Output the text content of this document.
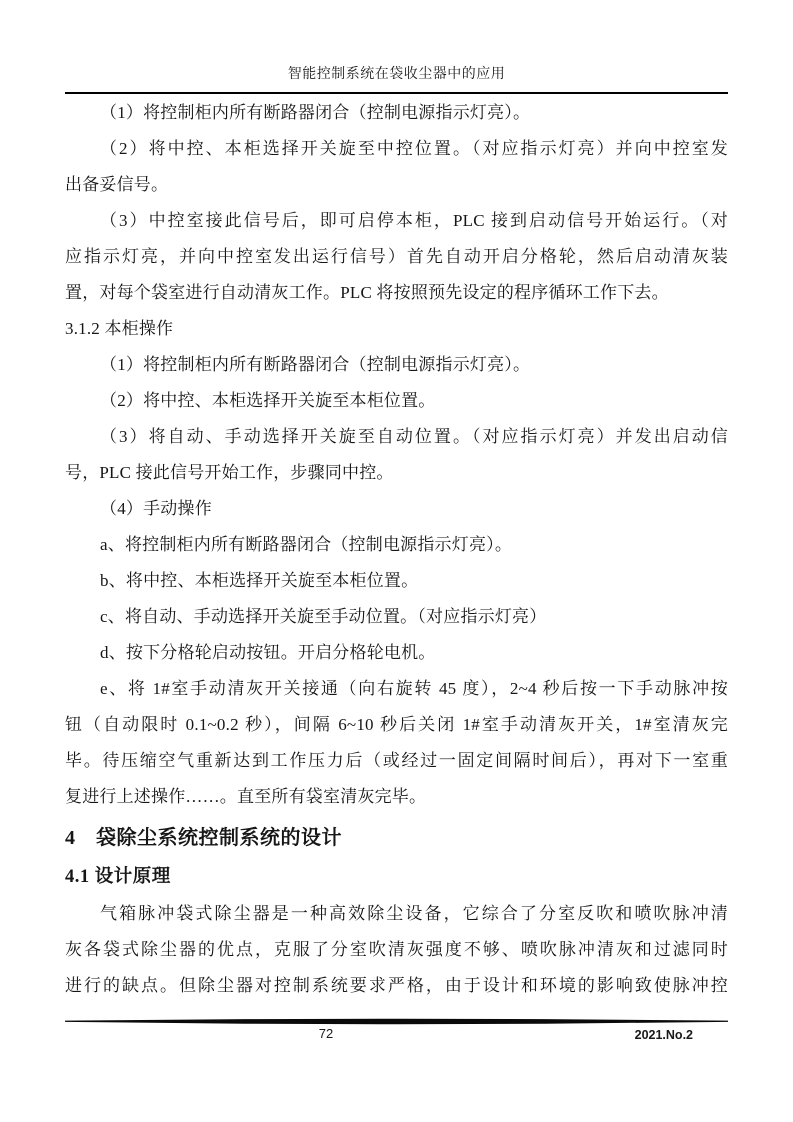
智能控制系统在袋收尘器中的应用
（1）将控制柜内所有断路器闭合（控制电源指示灯亮）。
（2）将中控、本柜选择开关旋至中控位置。（对应指示灯亮）并向中控室发
出备妥信号。
（3）中控室接此信号后，即可启停本柜，PLC 接到启动信号开始运行。（对
应指示灯亮，并向中控室发出运行信号）首先自动开启分格轮，然后启动清灰装
置，对每个袋室进行自动清灰工作。PLC 将按照预先设定的程序循环工作下去。
3.1.2 本柜操作
（1）将控制柜内所有断路器闭合（控制电源指示灯亮）。
（2）将中控、本柜选择开关旋至本柜位置。
（3）将自动、手动选择开关旋至自动位置。（对应指示灯亮）并发出启动信
号，PLC 接此信号开始工作，步骤同中控。
（4）手动操作
a、将控制柜内所有断路器闭合（控制电源指示灯亮）。
b、将中控、本柜选择开关旋至本柜位置。
c、将自动、手动选择开关旋至手动位置。（对应指示灯亮）
d、按下分格轮启动按钮。开启分格轮电机。
e、将 1#室手动清灰开关接通（向右旋转 45 度），2~4 秒后按一下手动脉冲按
钮（自动限时 0.1~0.2 秒），间隔 6~10 秒后关闭 1#室手动清灰开关，1#室清灰完
毕。待压缩空气重新达到工作压力后（或经过一固定间隔时间后），再对下一室重
复进行上述操作……。直至所有袋室清灰完毕。
4　袋除尘系统控制系统的设计
4.1 设计原理
气箱脉冲袋式除尘器是一种高效除尘设备，它综合了分室反吹和喷吹脉冲清
灰各袋式除尘器的优点，克服了分室吹清灰强度不够、喷吹脉冲清灰和过滤同时
进行的缺点。但除尘器对控制系统要求严格，由于设计和环境的影响致使脉冲控
72	2021.No.2
